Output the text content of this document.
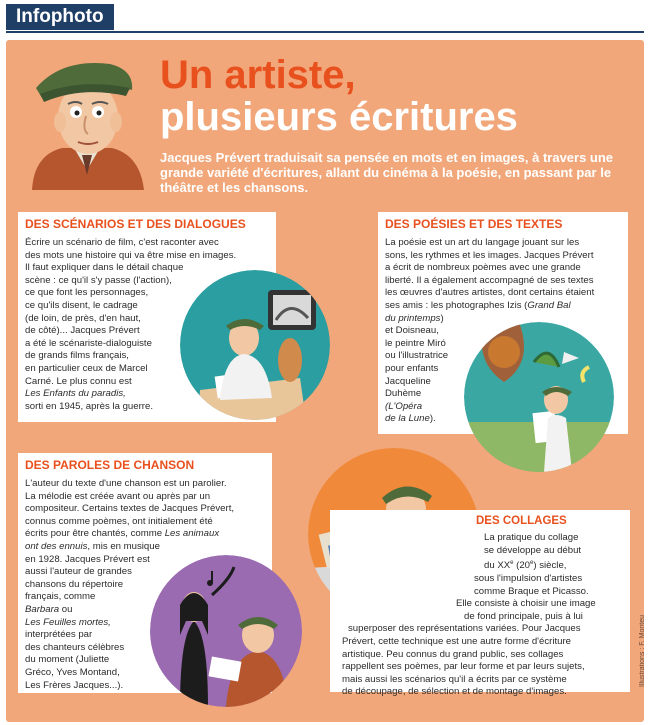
Infophoto
Un artiste,
plusieurs écritures
Jacques Prévert traduisait sa pensée en mots et en images, à travers une grande variété d'écritures, allant du cinéma à la poésie, en passant par le théâtre et les chansons.
DES SCÉNARIOS ET DES DIALOGUES
Écrire un scénario de film, c'est raconter avec
des mots une histoire qui va être mise en images.
Il faut expliquer dans le détail chaque
scène : ce qu'il s'y passe (l'action),
ce que font les personnages,
ce qu'ils disent, le cadrage
(de loin, de près, d'en haut,
de côté)... Jacques Prévert
a été le scénariste-dialoguiste
de grands films français,
en particulier ceux de Marcel
Carné. Le plus connu est
Les Enfants du paradis,
sorti en 1945, après la guerre.
DES POÉSIES ET DES TEXTES
La poésie est un art du langage jouant sur les
sons, les rythmes et les images. Jacques Prévert
a écrit de nombreux poèmes avec une grande
liberté. Il a également accompagné de ses textes
les œuvres d'autres artistes, dont certains étaient
ses amis : les photographes Izis (Grand Bal
du printemps)
et Doisneau,
le peintre Miró
ou l'illustratrice
pour enfants
Jacqueline
Duhème
(L'Opéra
de la Lune).
DES PAROLES DE CHANSON
L'auteur du texte d'une chanson est un parolier.
La mélodie est créée avant ou après par un
compositeur. Certains textes de Jacques Prévert,
connus comme poèmes, ont initialement été
écrits pour être chantés, comme Les animaux
ont des ennuis, mis en musique
en 1928. Jacques Prévert est
aussi l'auteur de grandes
chansons du répertoire
français, comme
Barbara ou
Les Feuilles mortes,
interprétées par
des chanteurs célèbres
du moment (Juliette
Gréco, Yves Montand,
Les Frères Jacques...).
DES COLLAGES
La pratique du collage
se développe au début
du XXe (20e) siècle,
sous l'impulsion d'artistes
comme Braque et Picasso.
Elle consiste à choisir une image
de fond principale, puis à lui
superposer des représentations variées. Pour Jacques
Prévert, cette technique est une autre forme d'écriture
artistique. Peu connus du grand public, ses collages
rappellent ses poèmes, par leur forme et par leurs sujets,
mais aussi les scénarios qu'il a écrits par ce système
de découpage, de sélection et de montage d'images.
Illustrations : F. Monteu
